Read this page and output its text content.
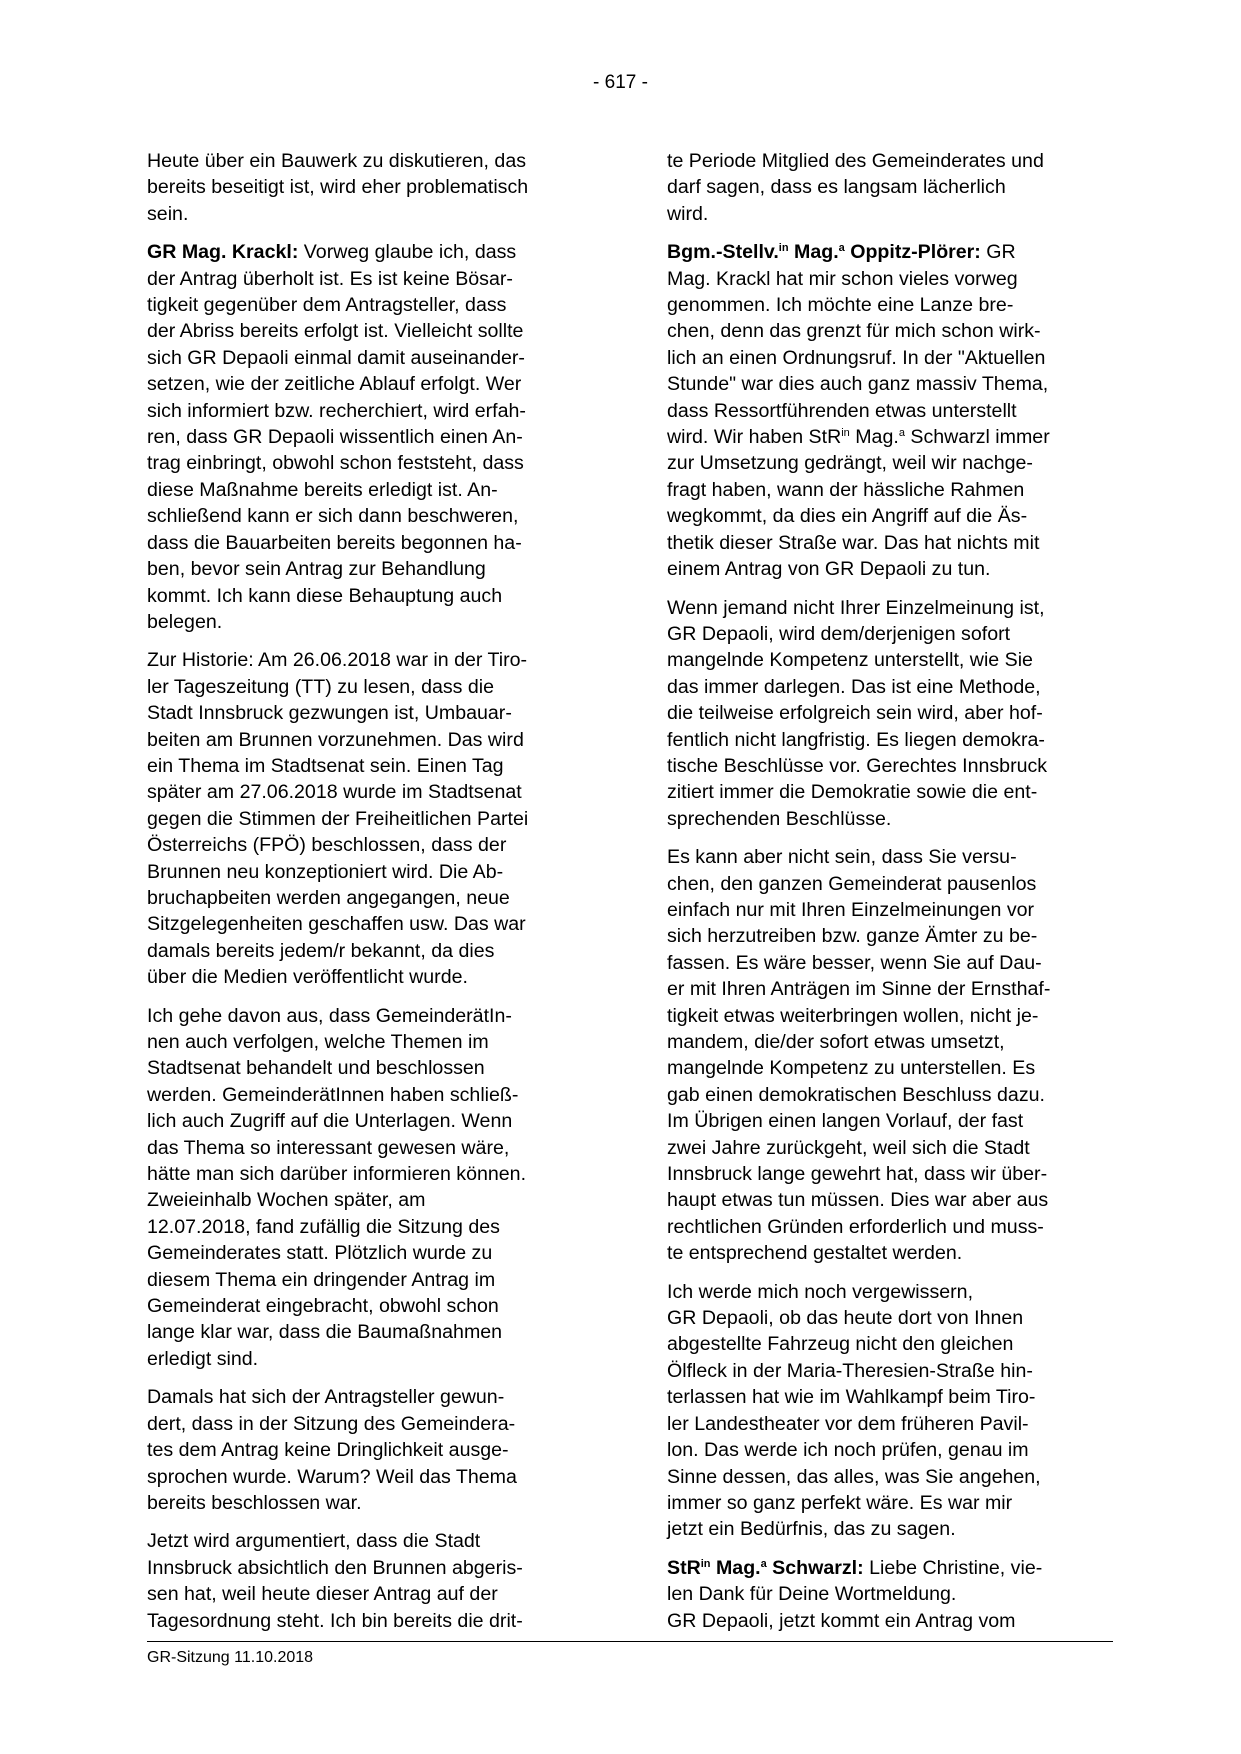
- 617 -
Heute über ein Bauwerk zu diskutieren, das
bereits beseitigt ist, wird eher problematisch
sein.
GR Mag. Krackl: Vorweg glaube ich, dass
der Antrag überholt ist. Es ist keine Bösar-
tigkeit gegenüber dem Antragsteller, dass
der Abriss bereits erfolgt ist. Vielleicht sollte
sich GR Depaoli einmal damit auseinander-
setzen, wie der zeitliche Ablauf erfolgt. Wer
sich informiert bzw. recherchiert, wird erfah-
ren, dass GR Depaoli wissentlich einen An-
trag einbringt, obwohl schon feststeht, dass
diese Maßnahme bereits erledigt ist. An-
schließend kann er sich dann beschweren,
dass die Bauarbeiten bereits begonnen ha-
ben, bevor sein Antrag zur Behandlung
kommt. Ich kann diese Behauptung auch
belegen.
Zur Historie: Am 26.06.2018 war in der Tiro-
ler Tageszeitung (TT) zu lesen, dass die
Stadt Innsbruck gezwungen ist, Umbauar-
beiten am Brunnen vorzunehmen. Das wird
ein Thema im Stadtsenat sein. Einen Tag
später am 27.06.2018 wurde im Stadtsenat
gegen die Stimmen der Freiheitlichen Partei
Österreichs (FPÖ) beschlossen, dass der
Brunnen neu konzeptioniert wird. Die Ab-
bruchарbeiten werden angegangen, neue
Sitzgelegenheiten geschaffen usw. Das war
damals bereits jedem/r bekannt, da dies
über die Medien veröffentlicht wurde.
Ich gehe davon aus, dass GemeinderätIn-
nen auch verfolgen, welche Themen im
Stadtsenat behandelt und beschlossen
werden. GemeinderätInnen haben schließ-
lich auch Zugriff auf die Unterlagen. Wenn
das Thema so interessant gewesen wäre,
hätte man sich darüber informieren können.
Zweieinhalb Wochen später, am
12.07.2018, fand zufällig die Sitzung des
Gemeinderates statt. Plötzlich wurde zu
diesem Thema ein dringender Antrag im
Gemeinderat eingebracht, obwohl schon
lange klar war, dass die Baumaßnahmen
erledigt sind.
Damals hat sich der Antragsteller gewun-
dert, dass in der Sitzung des Gemeindera-
tes dem Antrag keine Dringlichkeit ausge-
sprochen wurde. Warum? Weil das Thema
bereits beschlossen war.
Jetzt wird argumentiert, dass die Stadt
Innsbruck absichtlich den Brunnen abgeris-
sen hat, weil heute dieser Antrag auf der
Tagesordnung steht. Ich bin bereits die drit-
te Periode Mitglied des Gemeinderates und
darf sagen, dass es langsam lächerlich
wird.
Bgm.-Stellv.$^{in}$ Mag.$^a$ Oppitz-Plörer: GR
Mag. Krackl hat mir schon vieles vorweg
genommen. Ich möchte eine Lanze bre-
chen, denn das grenzt für mich schon wirk-
lich an einen Ordnungsruf. In der "Aktuellen
Stunde" war dies auch ganz massiv Thema,
dass Ressortführenden etwas unterstellt
wird. Wir haben StR$^{in}$ Mag.$^a$ Schwarzl immer
zur Umsetzung gedrängt, weil wir nachge-
fragt haben, wann der hässliche Rahmen
wegkommt, da dies ein Angriff auf die Äs-
thetik dieser Straße war. Das hat nichts mit
einem Antrag von GR Depaoli zu tun.
Wenn jemand nicht Ihrer Einzelmeinung ist,
GR Depaoli, wird dem/derjenigen sofort
mangelnde Kompetenz unterstellt, wie Sie
das immer darlegen. Das ist eine Methode,
die teilweise erfolgreich sein wird, aber hof-
fentlich nicht langfristig. Es liegen demokra-
tische Beschlüsse vor. Gerechtes Innsbruck
zitiert immer die Demokratie sowie die ent-
sprechenden Beschlüsse.
Es kann aber nicht sein, dass Sie versu-
chen, den ganzen Gemeinderat pausenlos
einfach nur mit Ihren Einzelmeinungen vor
sich herzutreiben bzw. ganze Ämter zu be-
fassen. Es wäre besser, wenn Sie auf Dau-
er mit Ihren Anträgen im Sinne der Ernsthaf-
tigkeit etwas weiterbringen wollen, nicht je-
mandem, die/der sofort etwas umsetzt,
mangelnde Kompetenz zu unterstellen. Es
gab einen demokratischen Beschluss dazu.
Im Übrigen einen langen Vorlauf, der fast
zwei Jahre zurückgeht, weil sich die Stadt
Innsbruck lange gewehrt hat, dass wir über-
haupt etwas tun müssen. Dies war aber aus
rechtlichen Gründen erforderlich und muss-
te entsprechend gestaltet werden.
Ich werde mich noch vergewissern,
GR Depaoli, ob das heute dort von Ihnen
abgestellte Fahrzeug nicht den gleichen
Ölfleck in der Maria-Theresien-Straße hin-
terlassen hat wie im Wahlkampf beim Tiro-
ler Landestheater vor dem früheren Pavil-
lon. Das werde ich noch prüfen, genau im
Sinne dessen, das alles, was Sie angehen,
immer so ganz perfekt wäre. Es war mir
jetzt ein Bedürfnis, das zu sagen.
StR$^{in}$ Mag.$^a$ Schwarzl: Liebe Christine, vie-
len Dank für Deine Wortmeldung.
GR Depaoli, jetzt kommt ein Antrag vom
GR-Sitzung 11.10.2018
